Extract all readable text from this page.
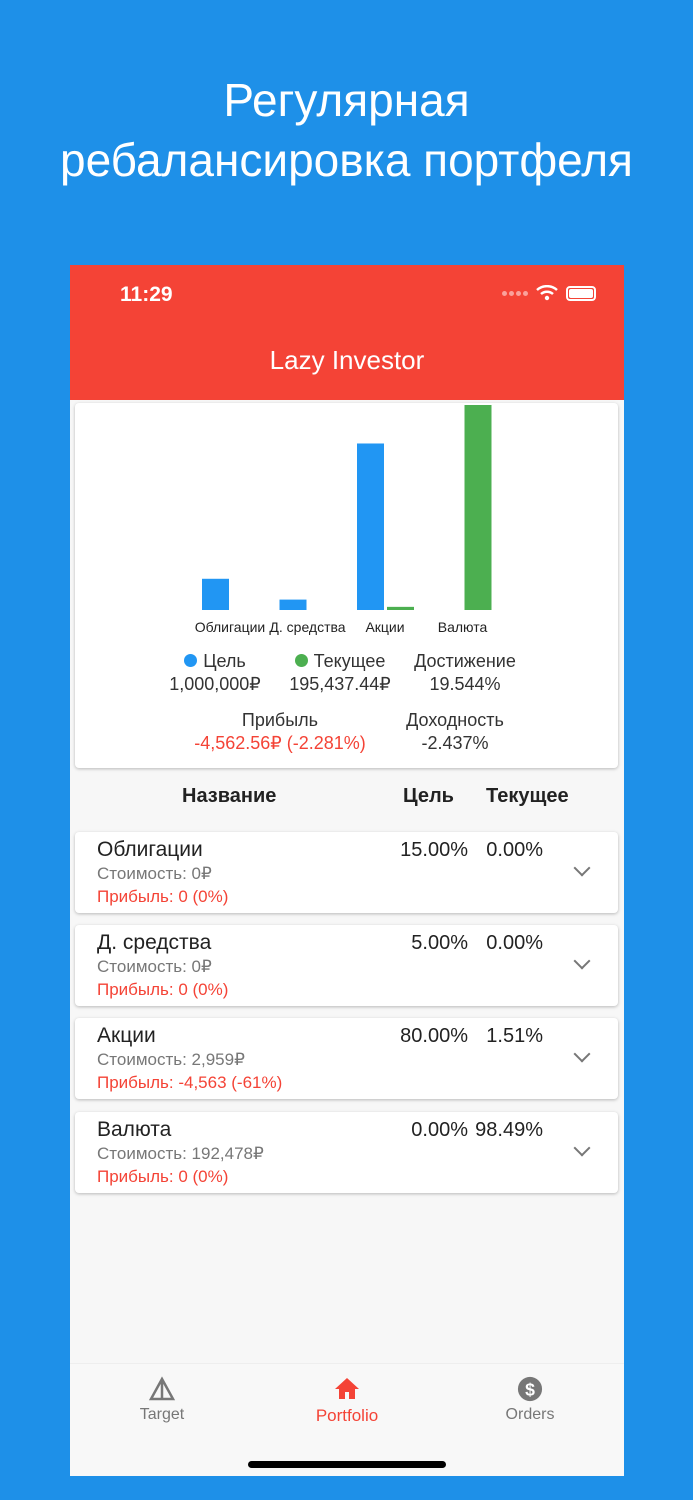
Регулярная
ребалансировка портфеля
11:29
Lazy Investor
Облигации Д. средства Акции Валюта
Цель
1,000,000₽
Текущее
195,437.44₽
Достижение
19.544%
Прибыль
-4,562.56₽ (-2.281%)
Доходность
-2.437%
Название	Цель Текущее
Облигации
Стоимость: 0₽
Прибыль: 0 (0%)
15.00% 0.00%
Д. средства
Стоимость: 0₽
Прибыль: 0 (0%)
5.00% 0.00%
Акции
Стоимость: 2,959₽
Прибыль: -4,563 (-61%)
80.00% 1.51%
Валюта
Стоимость: 192,478₽
Прибыль: 0 (0%)
0.00% 98.49%
Target	Portfolio
$
Orders
